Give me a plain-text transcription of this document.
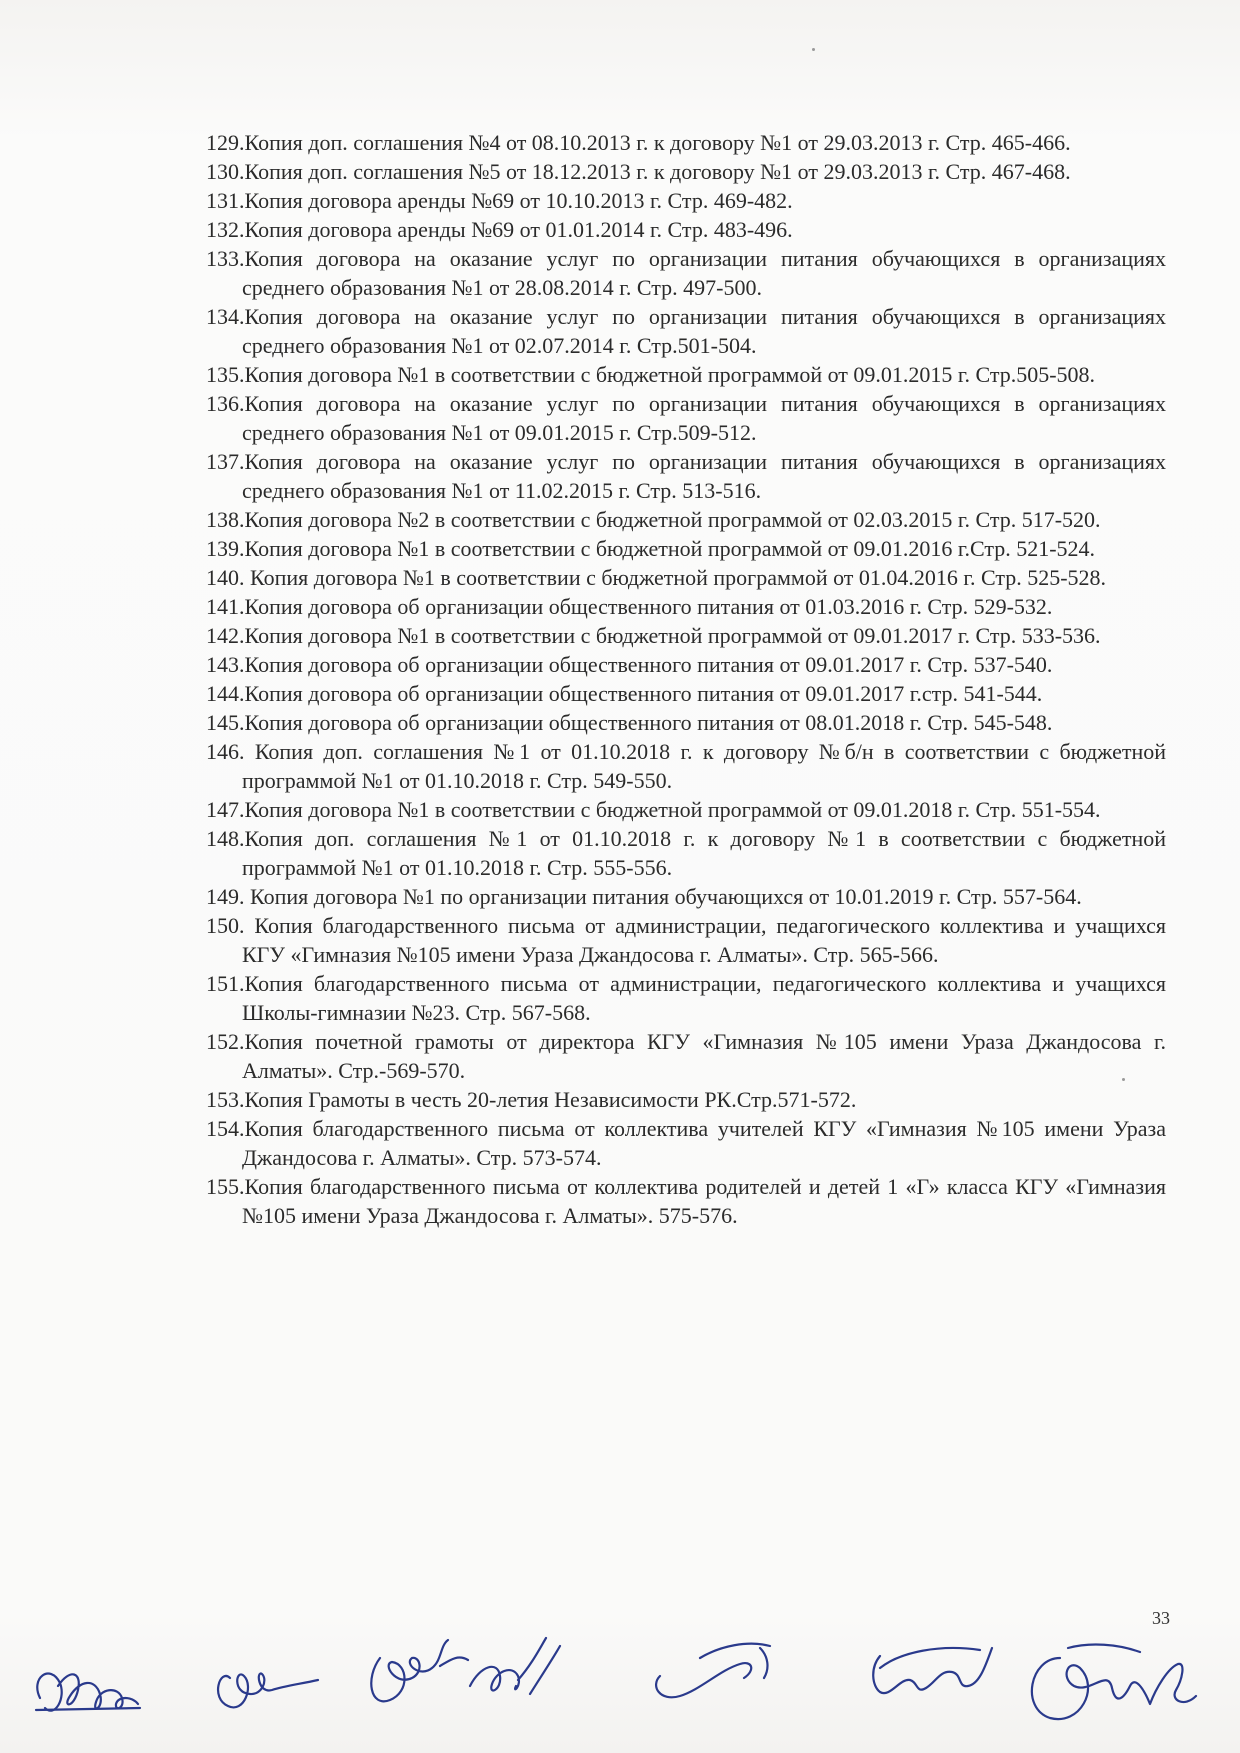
129.Копия доп. соглашения №4 от 08.10.2013 г. к договору №1 от 29.03.2013 г. Стр. 465-466.
130.Копия доп. соглашения №5 от 18.12.2013 г. к договору №1 от 29.03.2013 г. Стр. 467-468.
131.Копия договора аренды №69 от 10.10.2013 г. Стр. 469-482.
132.Копия договора аренды №69 от 01.01.2014 г. Стр. 483-496.
133.Копия договора на оказание услуг по организации питания обучающихся в организациях среднего образования №1 от 28.08.2014 г. Стр. 497-500.
134.Копия договора на оказание услуг по организации питания обучающихся в организациях среднего образования №1 от 02.07.2014 г. Стр.501-504.
135.Копия договора №1 в соответствии с бюджетной программой от 09.01.2015 г. Стр.505-508.
136.Копия договора на оказание услуг по организации питания обучающихся в организациях среднего образования №1 от 09.01.2015 г. Стр.509-512.
137.Копия договора на оказание услуг по организации питания обучающихся в организациях среднего образования №1 от 11.02.2015 г. Стр. 513-516.
138.Копия договора №2 в соответствии с бюджетной программой от 02.03.2015 г. Стр. 517-520.
139.Копия договора №1 в соответствии с бюджетной программой от 09.01.2016 г.Стр. 521-524.
140. Копия договора №1 в соответствии с бюджетной программой от 01.04.2016 г. Стр. 525-528.
141.Копия договора об организации общественного питания от 01.03.2016 г. Стр. 529-532.
142.Копия договора №1 в соответствии с бюджетной программой от 09.01.2017 г. Стр. 533-536.
143.Копия договора об организации общественного питания от 09.01.2017 г. Стр. 537-540.
144.Копия договора об организации общественного питания от 09.01.2017 г.стр. 541-544.
145.Копия договора об организации общественного питания от 08.01.2018 г. Стр. 545-548.
146. Копия доп. соглашения №1 от 01.10.2018 г. к договору №б/н в соответствии с бюджетной программой №1 от 01.10.2018 г. Стр. 549-550.
147.Копия договора №1 в соответствии с бюджетной программой от 09.01.2018 г. Стр. 551-554.
148.Копия доп. соглашения №1 от 01.10.2018 г. к договору №1 в соответствии с бюджетной программой №1 от 01.10.2018 г. Стр. 555-556.
149. Копия договора №1 по организации питания обучающихся от 10.01.2019 г. Стр. 557-564.
150. Копия благодарственного письма от администрации, педагогического коллектива и учащихся КГУ «Гимназия №105 имени Ураза Джандосова г. Алматы». Стр. 565-566.
151.Копия благодарственного письма от администрации, педагогического коллектива и учащихся Школы-гимназии №23. Стр. 567-568.
152.Копия почетной грамоты от директора КГУ «Гимназия №105 имени Ураза Джандосова г. Алматы». Стр.-569-570.
153.Копия Грамоты в честь 20-летия Независимости РК.Стр.571-572.
154.Копия благодарственного письма от коллектива учителей КГУ «Гимназия №105 имени Ураза Джандосова г. Алматы». Стр. 573-574.
155.Копия благодарственного письма от коллектива родителей и детей 1 «Г» класса КГУ «Гимназия №105 имени Ураза Джандосова г. Алматы». 575-576.
33
